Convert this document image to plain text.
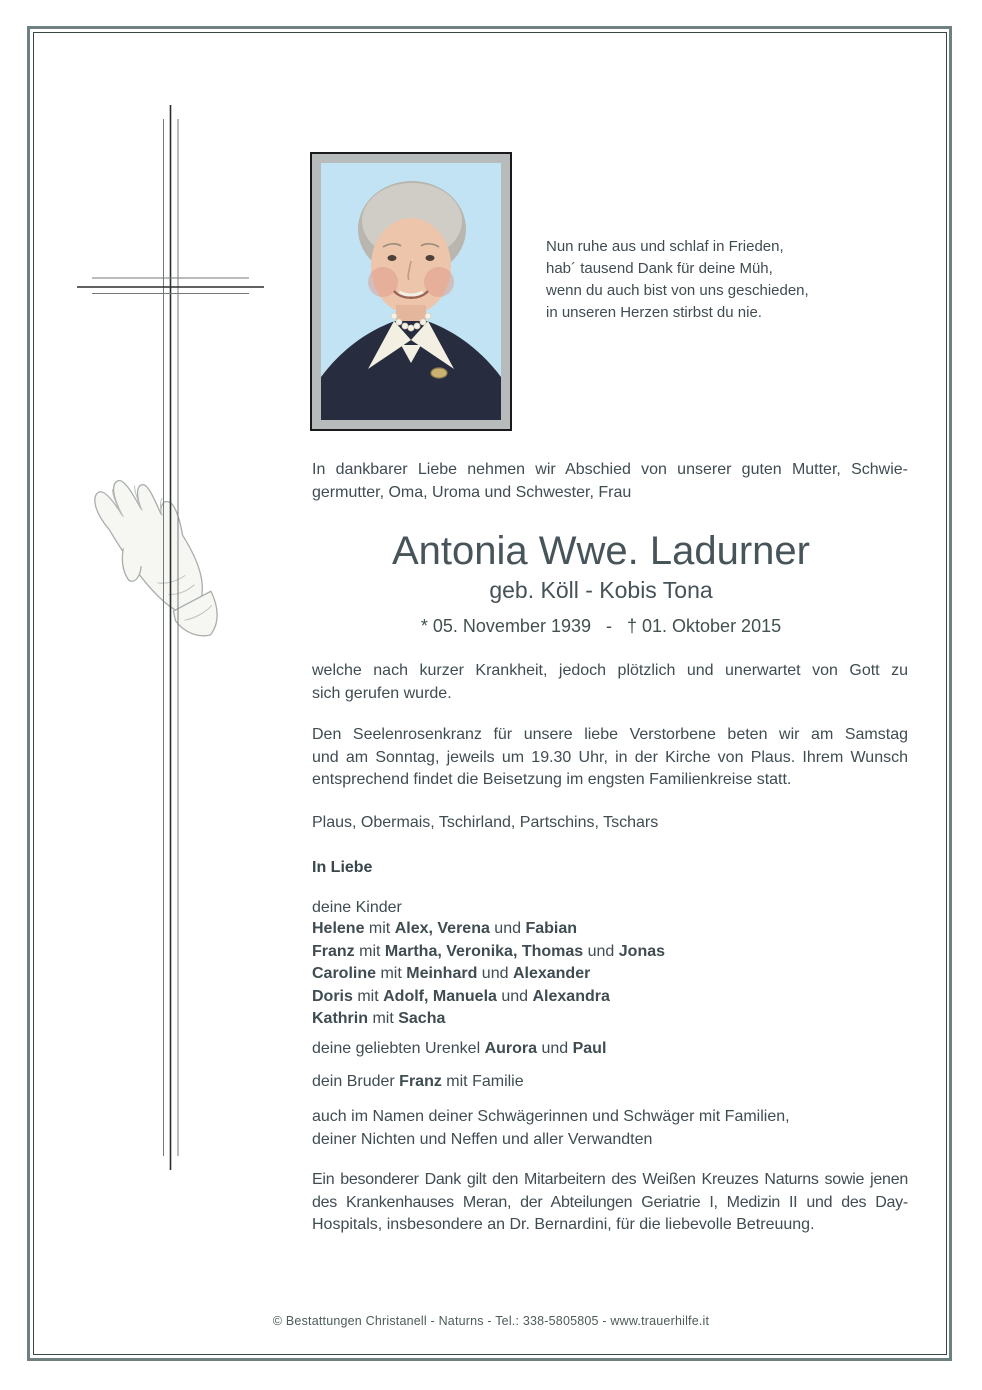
Nun ruhe aus und schlaf in Frieden,
hab´ tausend Dank für deine Müh,
wenn du auch bist von uns geschieden,
in unseren Herzen stirbst du nie.
In dankbarer Liebe nehmen wir Abschied von unserer guten Mutter, Schwie-
germutter, Oma, Uroma und Schwester, Frau
Antonia Wwe. Ladurner
geb. Köll - Kobis Tona
* 05. November 1939   -   † 01. Oktober 2015
welche nach kurzer Krankheit, jedoch plötzlich und unerwartet von Gott zu
sich gerufen wurde.
Den Seelenrosenkranz für unsere liebe Verstorbene beten wir am Samstag
und am Sonntag, jeweils um 19.30 Uhr, in der Kirche von Plaus. Ihrem Wunsch
entsprechend findet die Beisetzung im engsten Familienkreise statt.
Plaus, Obermais, Tschirland, Partschins, Tschars
In Liebe
deine Kinder
Helene mit Alex, Verena und Fabian
Franz mit Martha, Veronika, Thomas und Jonas
Caroline mit Meinhard und Alexander
Doris mit Adolf, Manuela und Alexandra
Kathrin mit Sacha
deine geliebten Urenkel Aurora und Paul
dein Bruder Franz mit Familie
auch im Namen deiner Schwägerinnen und Schwäger mit Familien,
deiner Nichten und Neffen und aller Verwandten
Ein besonderer Dank gilt den Mitarbeitern des Weißen Kreuzes Naturns sowie jenen
des Krankenhauses Meran, der Abteilungen Geriatrie I, Medizin II und des Day-
Hospitals, insbesondere an Dr. Bernardini, für die liebevolle Betreuung.
© Bestattungen Christanell - Naturns - Tel.: 338-5805805 - www.trauerhilfe.it
